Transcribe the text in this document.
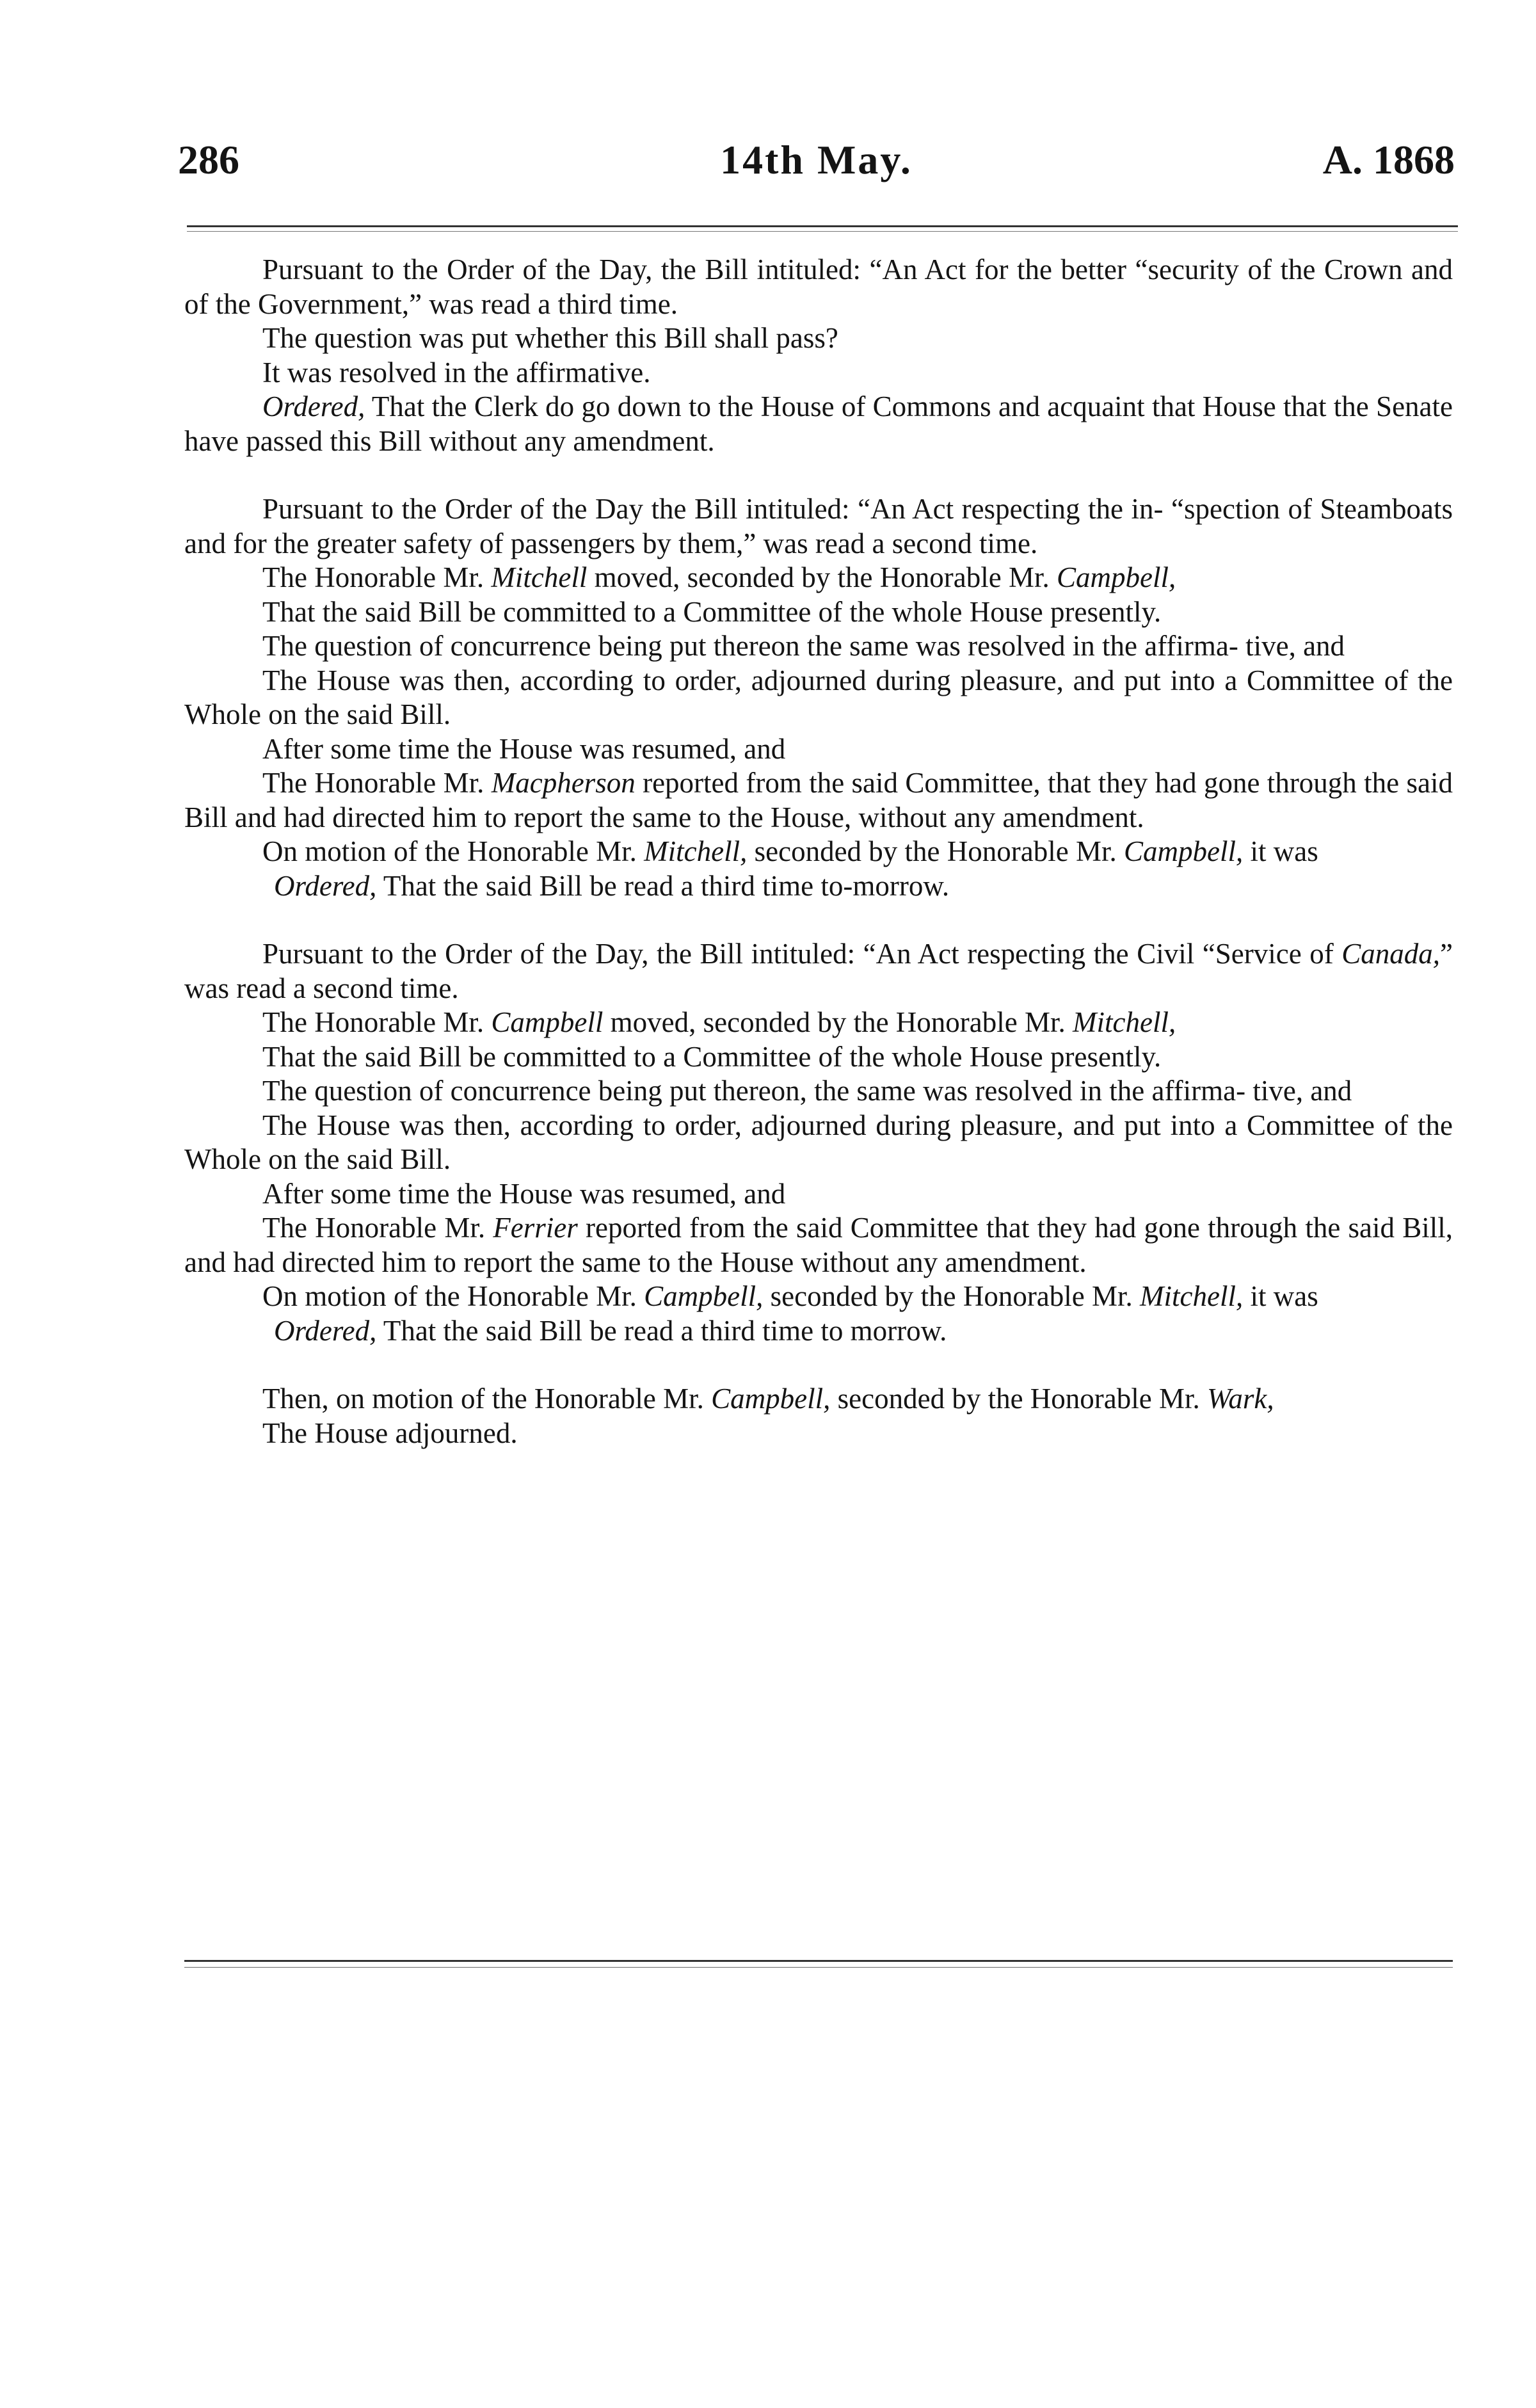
286	14th May.	A. 1868

Pursuant to the Order of the Day, the Bill intituled: “An Act for the better “security of the Crown and of the Government,” was read a third time.

The question was put whether this Bill shall pass?

It was resolved in the affirmative.

Ordered, That the Clerk do go down to the House of Commons and acquaint that House that the Senate have passed this Bill without any amendment.

Pursuant to the Order of the Day the Bill intituled: “An Act respecting the in- “spection of Steamboats and for the greater safety of passengers by them,” was read a second time.

The Honorable Mr. Mitchell moved, seconded by the Honorable Mr. Campbell,

That the said Bill be committed to a Committee of the whole House presently.

The question of concurrence being put thereon the same was resolved in the affirma- tive, and

The House was then, according to order, adjourned during pleasure, and put into a Committee of the Whole on the said Bill.

After some time the House was resumed, and

The Honorable Mr. Macpherson reported from the said Committee, that they had gone through the said Bill and had directed him to report the same to the House, without any amendment.

On motion of the Honorable Mr. Mitchell, seconded by the Honorable Mr. Campbell, it was

Ordered, That the said Bill be read a third time to-morrow.

Pursuant to the Order of the Day, the Bill intituled: “An Act respecting the Civil “Service of Canada,” was read a second time.

The Honorable Mr. Campbell moved, seconded by the Honorable Mr. Mitchell,

That the said Bill be committed to a Committee of the whole House presently.

The question of concurrence being put thereon, the same was resolved in the affirma- tive, and

The House was then, according to order, adjourned during pleasure, and put into a Committee of the Whole on the said Bill.

After some time the House was resumed, and

The Honorable Mr. Ferrier reported from the said Committee that they had gone through the said Bill, and had directed him to report the same to the House without any amendment.

On motion of the Honorable Mr. Campbell, seconded by the Honorable Mr. Mitchell, it was

Ordered, That the said Bill be read a third time to morrow.

Then, on motion of the Honorable Mr. Campbell, seconded by the Honorable Mr. Wark,

The House adjourned.
